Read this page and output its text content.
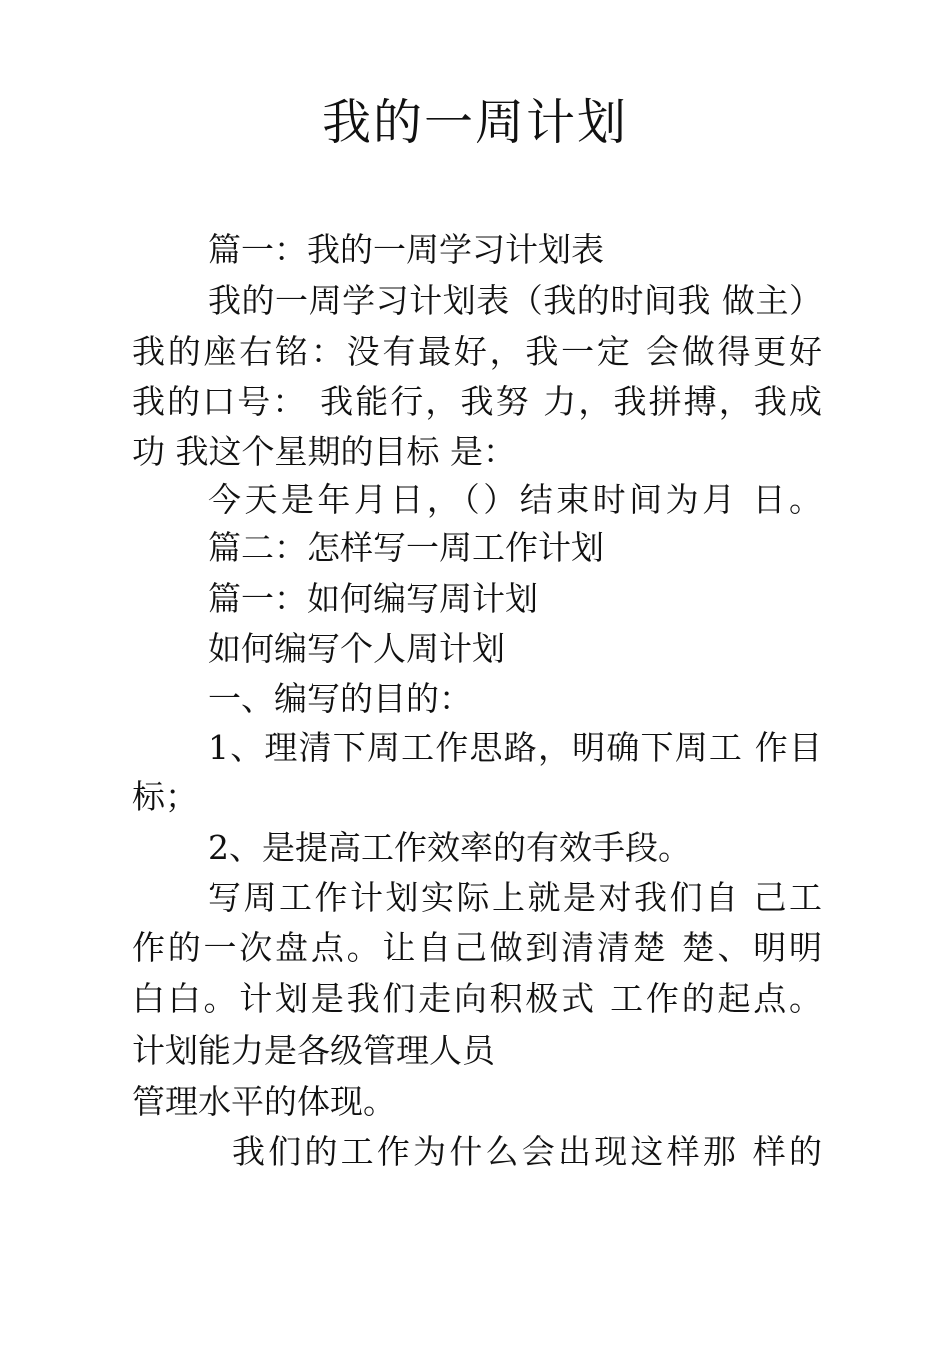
我的一周计划
篇一：我的一周学习计划表
我的一周学习计划表（我的时间我 做主）
我的座右铭：没有最好，我一定 会做得更好
我的口号： 我能行，我努 力，我拼搏，我成
功 我这个星期的目标 是：
今天是年月日，（）结束时间为月 日。
篇二：怎样写一周工作计划
篇一：如何编写周计划
如何编写个人周计划
一、编写的目的：
1、理清下周工作思路，明确下周工 作目
标；
2、是提高工作效率的有效手段。
写周工作计划实际上就是对我们自 己工
作的一次盘点。让自己做到清清楚 楚、明明
白白。计划是我们走向积极式 工作的起点。
计划能力是各级管理人员
管理水平的体现。
我们的工作为什么会出现这样那 样的
